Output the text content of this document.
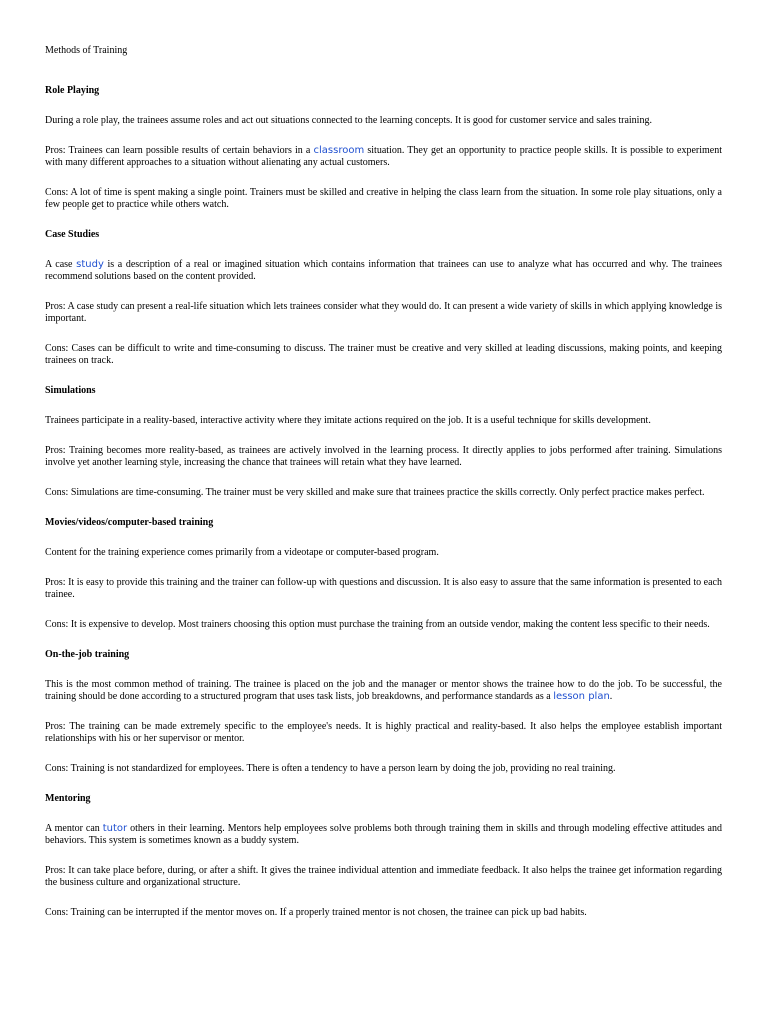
Methods of Training
Role Playing
During a role play, the trainees assume roles and act out situations connected to the learning concepts. It is good for customer service and sales training.
Pros: Trainees can learn possible results of certain behaviors in a classroom situation. They get an opportunity to practice people skills. It is possible to experiment with many different approaches to a situation without alienating any actual customers.
Cons: A lot of time is spent making a single point. Trainers must be skilled and creative in helping the class learn from the situation. In some role play situations, only a few people get to practice while others watch.
Case Studies
A case study is a description of a real or imagined situation which contains information that trainees can use to analyze what has occurred and why. The trainees recommend solutions based on the content provided.
Pros: A case study can present a real-life situation which lets trainees consider what they would do. It can present a wide variety of skills in which applying knowledge is important.
Cons: Cases can be difficult to write and time-consuming to discuss. The trainer must be creative and very skilled at leading discussions, making points, and keeping trainees on track.
Simulations
Trainees participate in a reality-based, interactive activity where they imitate actions required on the job. It is a useful technique for skills development.
Pros: Training becomes more reality-based, as trainees are actively involved in the learning process. It directly applies to jobs performed after training. Simulations involve yet another learning style, increasing the chance that trainees will retain what they have learned.
Cons: Simulations are time-consuming. The trainer must be very skilled and make sure that trainees practice the skills correctly. Only perfect practice makes perfect.
Movies/videos/computer-based training
Content for the training experience comes primarily from a videotape or computer-based program.
Pros: It is easy to provide this training and the trainer can follow-up with questions and discussion. It is also easy to assure that the same information is presented to each trainee.
Cons: It is expensive to develop. Most trainers choosing this option must purchase the training from an outside vendor, making the content less specific to their needs.
On-the-job training
This is the most common method of training. The trainee is placed on the job and the manager or mentor shows the trainee how to do the job. To be successful, the training should be done according to a structured program that uses task lists, job breakdowns, and performance standards as a lesson plan.
Pros: The training can be made extremely specific to the employee's needs. It is highly practical and reality-based. It also helps the employee establish important relationships with his or her supervisor or mentor.
Cons: Training is not standardized for employees. There is often a tendency to have a person learn by doing the job, providing no real training.
Mentoring
A mentor can tutor others in their learning. Mentors help employees solve problems both through training them in skills and through modeling effective attitudes and behaviors. This system is sometimes known as a buddy system.
Pros: It can take place before, during, or after a shift. It gives the trainee individual attention and immediate feedback. It also helps the trainee get information regarding the business culture and organizational structure.
Cons: Training can be interrupted if the mentor moves on. If a properly trained mentor is not chosen, the trainee can pick up bad habits.
